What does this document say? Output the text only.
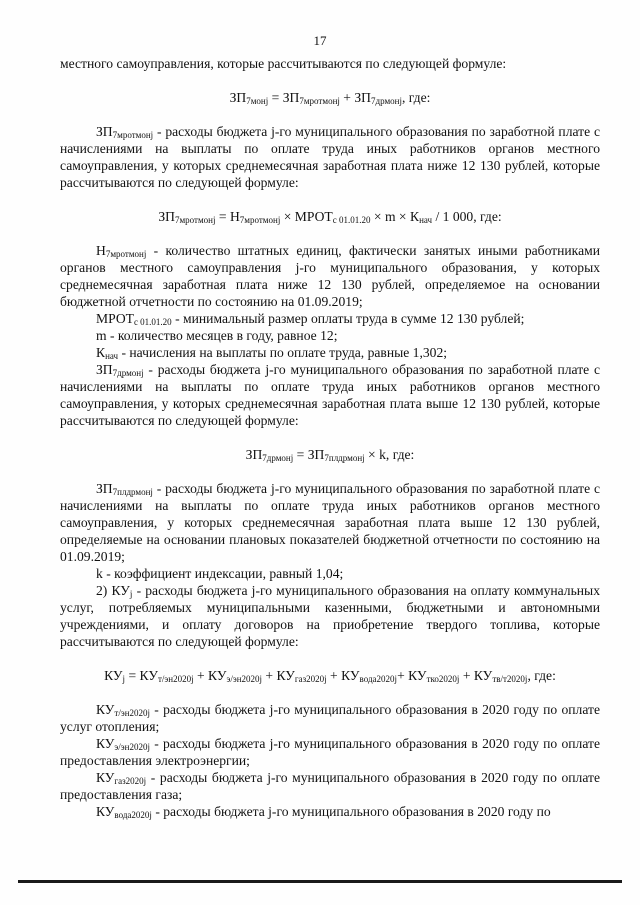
17

местного самоуправления, которые рассчитываются по следующей формуле:

$ЗП_{7монj} = ЗП_{7мротмонj} + ЗП_{7дрмонj}$, где:

$ЗП_{7мротмонj}$ - расходы бюджета j-го муниципального образования по заработной плате с начислениями на выплаты по оплате труда иных работников органов местного самоуправления, у которых среднемесячная заработная плата ниже 12 130 рублей, которые рассчитываются по следующей формуле:

$ЗП_{7мротмонj} = Н_{7мротмонj}$ × $МРОТ_{с 01.01.20} \times m \times К_{нач} / 1$ 000, где:

$Н_{7мротмонj}$ - количество штатных единиц, фактически занятых иными работниками органов местного самоуправления j-го муниципального образования, у которых среднемесячная заработная плата ниже 12 130 рублей, определяемое на основании бюджетной отчетности по состоянию на 01.09.2019;

$МРОТ_{с 01.01.20}$ - минимальный размер оплаты труда в сумме 12 130 рублей;

m - количество месяцев в году, равное 12;

$К_{нач}$ - начисления на выплаты по оплате труда, равные 1,302;

$ЗП_{7дрмонj}$ - расходы бюджета j-го муниципального образования по заработной плате с начислениями на выплаты по оплате труда иных работников органов местного самоуправления, у которых среднемесячная заработная плата выше 12 130 рублей, которые рассчитываются по следующей формуле:

$ЗП_{7дрмонj} = ЗП_{7плдрмонj} \times k$, где:

$ЗП_{7плдрмонj}$ - расходы бюджета j-го муниципального образования по заработной плате с начислениями на выплаты по оплате труда иных работников органов местного самоуправления, у которых среднемесячная заработная плата выше 12 130 рублей, определяемые на основании плановых показателей бюджетной отчетности по состоянию на 01.09.2019;

k - коэффициент индексации, равный 1,04;

2) $КУ_j$ - расходы бюджета j-го муниципального образования на оплату коммунальных услуг, потребляемых муниципальными казенными, бюджетными и автономными учреждениями, и оплату договоров на приобретение твердого топлива, которые рассчитываются по следующей формуле:

$КУ_j = КУ_{т/эн2020j} + КУ_{э/эн2020j} + КУ_{газ2020j} + КУ_{вода2020j}+ КУ_{тко2020j} + КУ_{тв/т2020j}$, где:

$КУ_{т/эн2020j}$ - расходы бюджета j-го муниципального образования в 2020 году по оплате услуг отопления;

$КУ_{э/эн2020j}$ - расходы бюджета j-го муниципального образования в 2020 году по оплате предоставления электроэнергии;

$КУ_{газ2020j}$ - расходы бюджета j-го муниципального образования в 2020 году по оплате предоставления газа;

$КУ_{вода2020j}$ - расходы бюджета j-го муниципального образования в 2020 году по
